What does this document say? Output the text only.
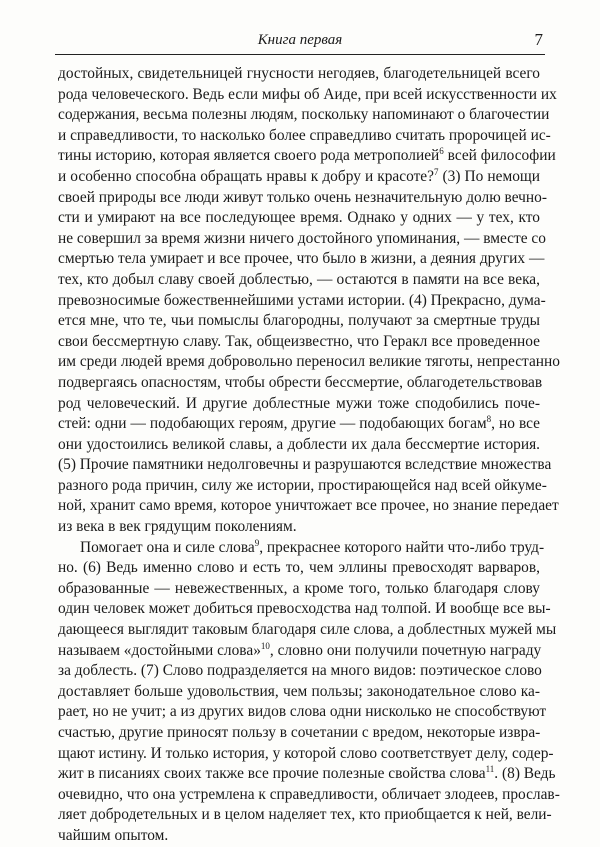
Книга первая	7
достойных, свидетельницей гнусности негодяев, благодетельницей всего
рода человеческого. Ведь если мифы об Аиде, при всей искусственности их
содержания, весьма полезны людям, поскольку напоминают о благочестии
и справедливости, то насколько более справедливо считать пророчицей ис-
тины историю, которая является своего рода метрополией$^6$ всей философии
и особенно способна обращать нравы к добру и красоте?$^7$ (3) По немощи
своей природы все люди живут только очень незначительную долю вечно-
сти и умирают на все последующее время. Однако у одних — у тех, кто
не совершил за время жизни ничего достойного упоминания, — вместе со
смертью тела умирает и все прочее, что было в жизни, а деяния других —
тех, кто добыл славу своей доблестью, — остаются в памяти на все века,
превозносимые божественнейшими устами истории. (4) Прекрасно, дума-
ется мне, что те, чьи помыслы благородны, получают за смертные труды
свои бессмертную славу. Так, общеизвестно, что Геракл все проведенное
им среди людей время добровольно переносил великие тяготы, непрестанно
подвергаясь опасностям, чтобы обрести бессмертие, облагодетельствовав
род человеческий. И другие доблестные мужи тоже сподобились поче-
стей: одни — подобающих героям, другие — подобающих богам$^8$, но все
они удостоились великой славы, а доблести их дала бессмертие история.
(5) Прочие памятники недолговечны и разрушаются вследствие множества
разного рода причин, силу же истории, простирающейся над всей ойкуме-
ной, хранит само время, которое уничтожает все прочее, но знание передает
из века в век грядущим поколениям.
Помогает она и силе слова$^9$, прекраснее которого найти что-либо труд-
но. (6) Ведь именно слово и есть то, чем эллины превосходят варваров,
образованные — невежественных, а кроме того, только благодаря слову
один человек может добиться превосходства над толпой. И вообще все вы-
дающееся выглядит таковым благодаря силе слова, а доблестных мужей мы
называем «достойными слова»$^{10}$, словно они получили почетную награду
за доблесть. (7) Слово подразделяется на много видов: поэтическое слово
доставляет больше удовольствия, чем пользы; законодательное слово ка-
рает, но не учит; а из других видов слова одни нисколько не способствуют
счастью, другие приносят пользу в сочетании с вредом, некоторые извра-
щают истину. И только история, у которой слово соответствует делу, содер-
жит в писаниях своих также все прочие полезные свойства слова$^{11}$. (8) Ведь
очевидно, что она устремлена к справедливости, обличает злодеев, прослав-
ляет добродетельных и в целом наделяет тех, кто приобщается к ней, вели-
чайшим опытом.
